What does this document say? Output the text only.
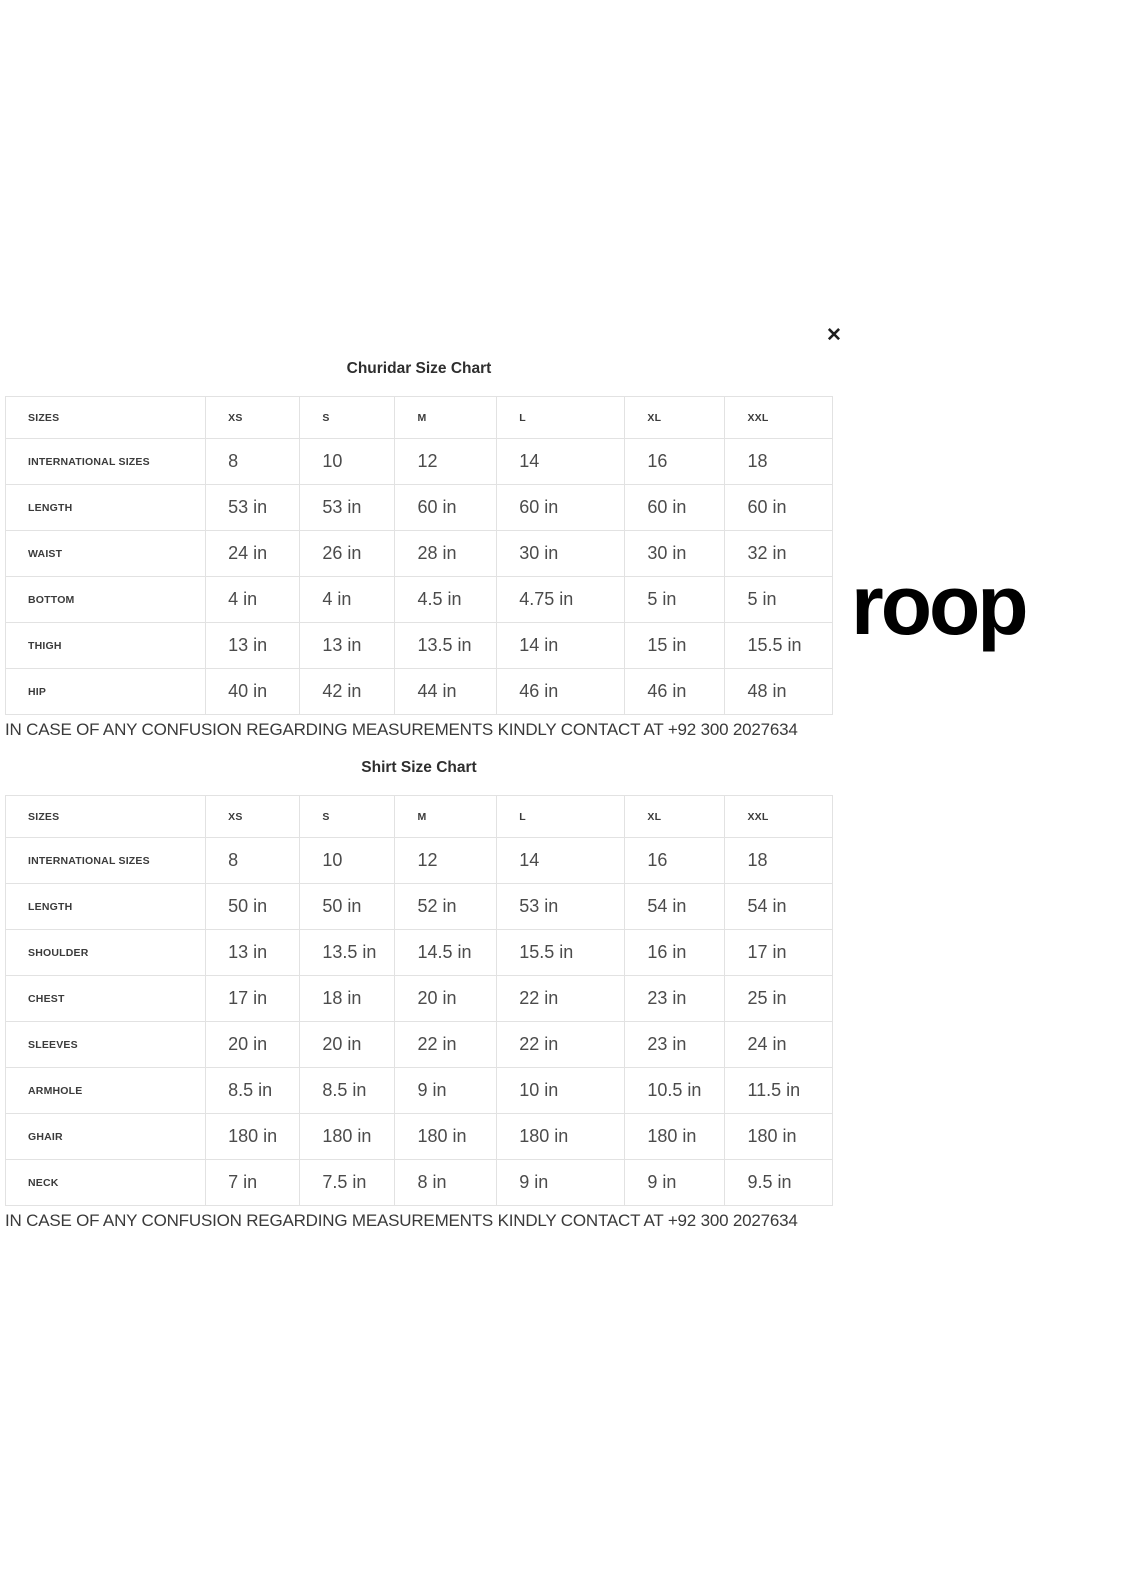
roop
✕
Churidar Size Chart
SIZES	XS	S	M	L	XL	XXL
INTERNATIONAL SIZES	8	10	12	14	16	18
LENGTH	53 in	53 in	60 in	60 in	60 in	60 in
WAIST	24 in	26 in	28 in	30 in	30 in	32 in
BOTTOM	4 in	4 in	4.5 in	4.75 in	5 in	5 in
THIGH	13 in	13 in	13.5 in	14 in	15 in	15.5 in
HIP	40 in	42 in	44 in	46 in	46 in	48 in

IN CASE OF ANY CONFUSION REGARDING MEASUREMENTS KINDLY CONTACT AT +92 300 2027634

Shirt Size Chart
SIZES	XS	S	M	L	XL	XXL
INTERNATIONAL SIZES	8	10	12	14	16	18
LENGTH	50 in	50 in	52 in	53 in	54 in	54 in
SHOULDER	13 in	13.5 in	14.5 in	15.5 in	16 in	17 in
CHEST	17 in	18 in	20 in	22 in	23 in	25 in
SLEEVES	20 in	20 in	22 in	22 in	23 in	24 in
ARMHOLE	8.5 in	8.5 in	9 in	10 in	10.5 in	11.5 in
GHAIR	180 in	180 in	180 in	180 in	180 in	180 in
NECK	7 in	7.5 in	8 in	9 in	9 in	9.5 in

IN CASE OF ANY CONFUSION REGARDING MEASUREMENTS KINDLY CONTACT AT +92 300 2027634
